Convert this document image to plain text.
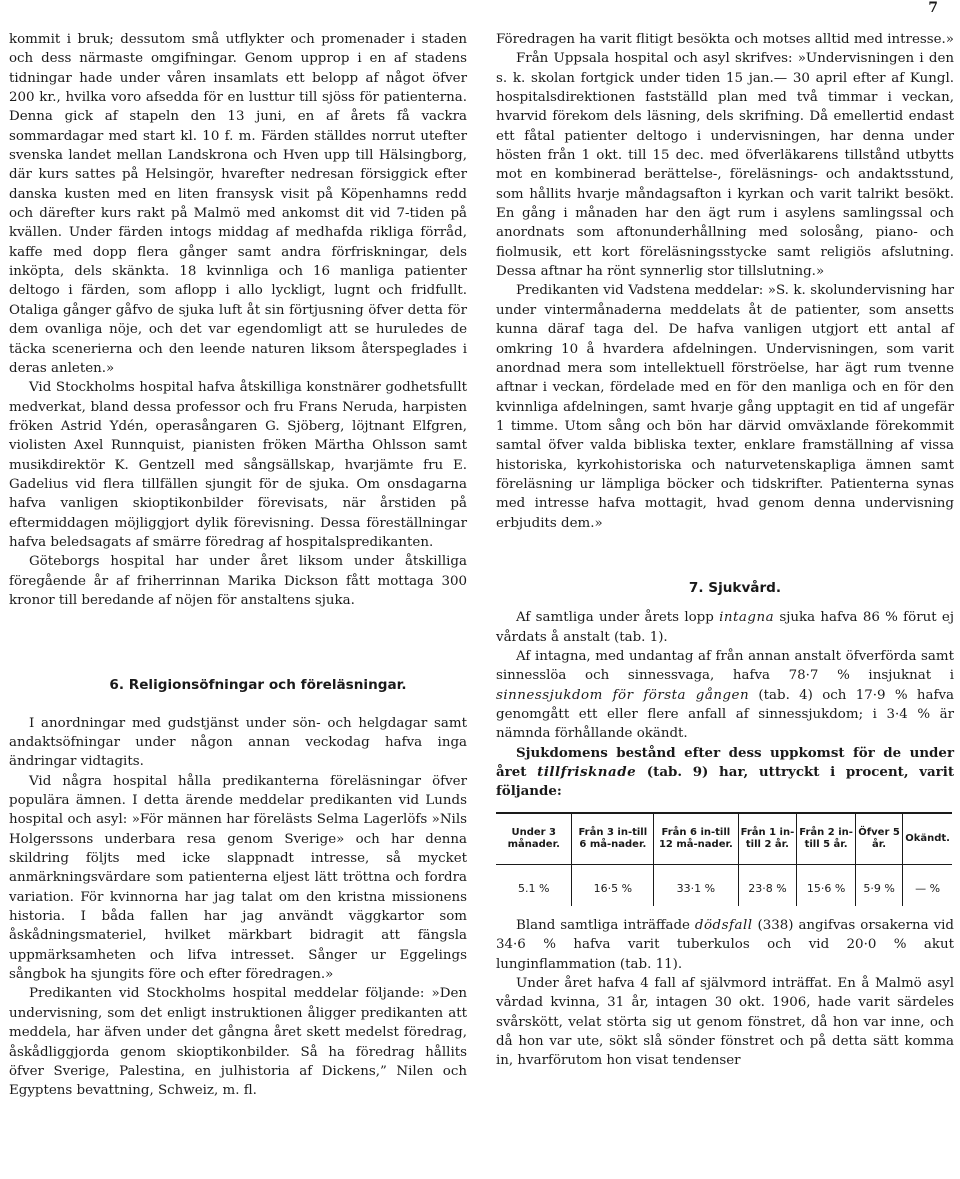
7

kommit i bruk; dessutom små utflykter och promenader i staden och dess närmaste omgifningar. Genom upprop i en af stadens tidningar hade under våren insamlats ett belopp af något öfver 200 kr., hvilka voro afsedda för en lusttur till sjöss för patienterna. Denna gick af stapeln den 13 juni, en af årets få vackra sommardagar med start kl. 10 f. m. Färden ställdes norrut utefter svenska landet mellan Landskrona och Hven upp till Hälsingborg, där kurs sattes på Helsingör, hvarefter nedresan försiggick efter danska kusten med en liten fransysk visit på Köpenhamns redd och därefter kurs rakt på Malmö med ankomst dit vid 7-tiden på kvällen. Under färden intogs middag af medhafda rikliga förråd, kaffe med dopp flera gånger samt andra förfriskningar, dels inköpta, dels skänkta. 18 kvinnliga och 16 manliga patienter deltogo i färden, som aflopp i allo lyckligt, lugnt och fridfullt. Otaliga gånger gåfvo de sjuka luft åt sin förtjusning öfver detta för dem ovanliga nöje, och det var egendomligt att se huruledes de täcka scenerierna och den leende naturen liksom återspeglades i deras anleten.»

Vid Stockholms hospital hafva åtskilliga konstnärer godhetsfullt medverkat, bland dessa professor och fru Frans Neruda, harpisten fröken Astrid Ydén, operasångaren G. Sjöberg, löjtnant Elfgren, violisten Axel Runnquist, pianisten fröken Märtha Ohlsson samt musikdirektör K. Gentzell med sångsällskap, hvarjämte fru E. Gadelius vid flera tillfällen sjungit för de sjuka. Om onsdagarna hafva vanligen skioptikonbilder förevisats, när årstiden på eftermiddagen möjliggjort dylik förevisning. Dessa föreställningar hafva beledsagats af smärre föredrag af hospitalspredikanten.

Göteborgs hospital har under året liksom under åtskilliga föregående år af friherrinnan Marika Dickson fått mottaga 300 kronor till beredande af nöjen för anstaltens sjuka.

6. Religionsöfningar och föreläsningar.

I anordningar med gudstjänst under sön- och helgdagar samt andaktsöfningar under någon annan veckodag hafva inga ändringar vidtagits.

Vid några hospital hålla predikanterna föreläsningar öfver populära ämnen. I detta ärende meddelar predikanten vid Lunds hospital och asyl: »För männen har förelästs Selma Lagerlöfs »Nils Holgerssons underbara resa genom Sverige» och har denna skildring följts med icke slappnadt intresse, så mycket anmärkningsvärdare som patienterna eljest lätt tröttna och fordra variation. För kvinnorna har jag talat om den kristna missionens historia. I båda fallen har jag användt väggkartor som åskådningsmateriel, hvilket märkbart bidragit att fängsla uppmärksamheten och lifva intresset. Sånger ur Eggelings sångbok ha sjungits före och efter föredragen.»

Predikanten vid Stockholms hospital meddelar följande: »Den undervisning, som det enligt instruktionen åligger predikanten att meddela, har äfven under det gångna året skett medelst föredrag, åskådliggjorda genom skioptikonbilder. Så ha föredrag hållits öfver Sverige, Palestina, en julhistoria af Dickens,” Nilen och Egyptens bevattning, Schweiz, m. fl.

Föredragen ha varit flitigt besökta och motses alltid med intresse.»

Från Uppsala hospital och asyl skrifves: »Undervisningen i den s. k. skolan fortgick under tiden 15 jan.— 30 april efter af Kungl. hospitalsdirektionen fastställd plan med två timmar i veckan, hvarvid förekom dels läsning, dels skrifning. Då emellertid endast ett fåtal patienter deltogo i undervisningen, har denna under hösten från 1 okt. till 15 dec. med öfverläkarens tillstånd utbytts mot en kombinerad berättelse-, föreläsnings- och andaktsstund, som hållits hvarje måndagsafton i kyrkan och varit talrikt besökt. En gång i månaden har den ägt rum i asylens samlingssal och anordnats som aftonunderhållning med solosång, piano- och fiolmusik, ett kort föreläsningsstycke samt religiös afslutning. Dessa aftnar ha rönt synnerlig stor tillslutning.»

Predikanten vid Vadstena meddelar: »S. k. skolundervisning har under vintermånaderna meddelats åt de patienter, som ansetts kunna däraf taga del. De hafva vanligen utgjort ett antal af omkring 10 å hvardera afdelningen. Undervisningen, som varit anordnad mera som intellektuell förströelse, har ägt rum tvenne aftnar i veckan, fördelade med en för den manliga och en för den kvinnliga afdelningen, samt hvarje gång upptagit en tid af ungefär 1 timme. Utom sång och bön har därvid omväxlande förekommit samtal öfver valda bibliska texter, enklare framställning af vissa historiska, kyrkohistoriska och naturvetenskapliga ämnen samt föreläsning ur lämpliga böcker och tidskrifter. Patienterna synas med intresse hafva mottagit, hvad genom denna undervisning erbjudits dem.»

7. Sjukvård.

Af samtliga under årets lopp intagna sjuka hafva 86 % förut ej vårdats å anstalt (tab. 1).

Af intagna, med undantag af från annan anstalt öfverförda samt sinnesslöa och sinnessvaga, hafva 78·7 % insjuknat i sinnessjukdom för första gången (tab. 4) och 17·9 % hafva genomgått ett eller flere anfall af sinnessjukdom; i 3·4 % är nämnda förhållande okändt.

Sjukdomens bestånd efter dess uppkomst för de under året tillfrisknade (tab. 9) har, uttryckt i procent, varit följande:

Under 3 månader.	Från 3 in-till 6 må-nader.	Från 6 in-till 12 må-nader.	Från 1 in-till 2 år.	Från 2 in-till 5 år.	Öfver 5 år.	Okändt.
5.1 %	16·5 %	33·1 %	23·8 %	15·6 %	5·9 %	— %

Bland samtliga inträffade dödsfall (338) angifvas orsakerna vid 34·6 % hafva varit tuberkulos och vid 20·0 % akut lunginflammation (tab. 11).

Under året hafva 4 fall af självmord inträffat. En å Malmö asyl vårdad kvinna, 31 år, intagen 30 okt. 1906, hade varit särdeles svårskött, velat störta sig ut genom fönstret, då hon var inne, och då hon var ute, sökt slå sönder fönstret och på detta sätt komma in, hvarförutom hon visat tendenser
